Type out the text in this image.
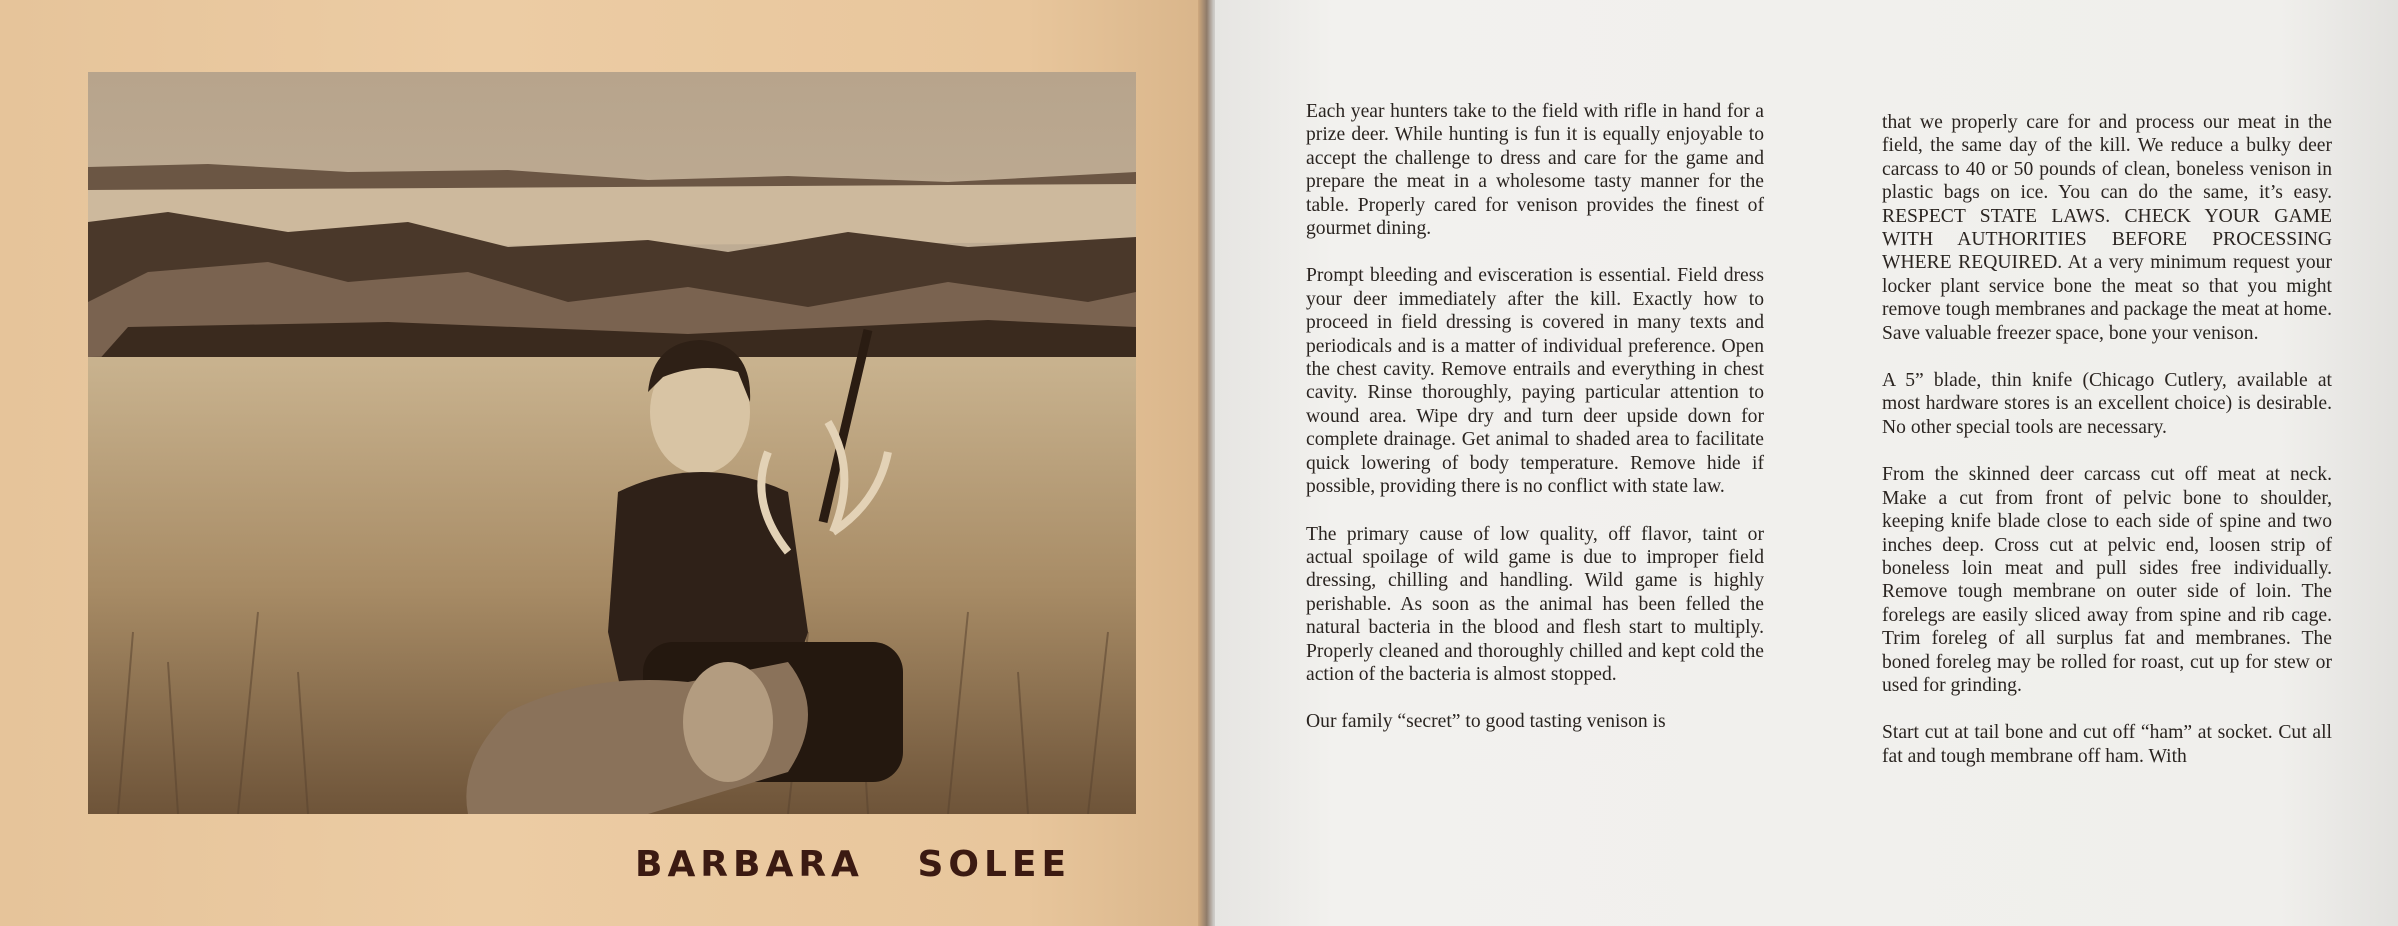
BARBARA SOLEE

Each year hunters take to the field with rifle in hand for a prize deer. While hunting is fun it is equally enjoyable to accept the challenge to dress and care for the game and prepare the meat in a wholesome tasty manner for the table. Properly cared for venison provides the finest of gourmet dining.

Prompt bleeding and evisceration is essential. Field dress your deer immediately after the kill. Exactly how to proceed in field dressing is covered in many texts and periodicals and is a matter of individual preference. Open the chest cavity. Remove entrails and everything in chest cavity. Rinse thoroughly, paying particular attention to wound area. Wipe dry and turn deer upside down for complete drainage. Get animal to shaded area to facilitate quick lowering of body temperature. Remove hide if possible, providing there is no conflict with state law.

The primary cause of low quality, off flavor, taint or actual spoilage of wild game is due to improper field dressing, chilling and handling. Wild game is highly perishable. As soon as the animal has been felled the natural bacteria in the blood and flesh start to multiply. Properly cleaned and thoroughly chilled and kept cold the action of the bacteria is almost stopped.

Our family “secret” to good tasting venison is

that we properly care for and process our meat in the field, the same day of the kill. We reduce a bulky deer carcass to 40 or 50 pounds of clean, boneless venison in plastic bags on ice. You can do the same, it’s easy. RESPECT STATE LAWS. CHECK YOUR GAME WITH AUTHORITIES BEFORE PROCESSING WHERE REQUIRED. At a very minimum request your locker plant service bone the meat so that you might remove tough membranes and package the meat at home. Save valuable freezer space, bone your venison.

A 5” blade, thin knife (Chicago Cutlery, available at most hardware stores is an excellent choice) is desirable. No other special tools are necessary.

From the skinned deer carcass cut off meat at neck. Make a cut from front of pelvic bone to shoulder, keeping knife blade close to each side of spine and two inches deep. Cross cut at pelvic end, loosen strip of boneless loin meat and pull sides free individually. Remove tough membrane on outer side of loin. The forelegs are easily sliced away from spine and rib cage. Trim foreleg of all surplus fat and membranes. The boned foreleg may be rolled for roast, cut up for stew or used for grinding.

Start cut at tail bone and cut off “ham” at socket. Cut all fat and tough membrane off ham. With
